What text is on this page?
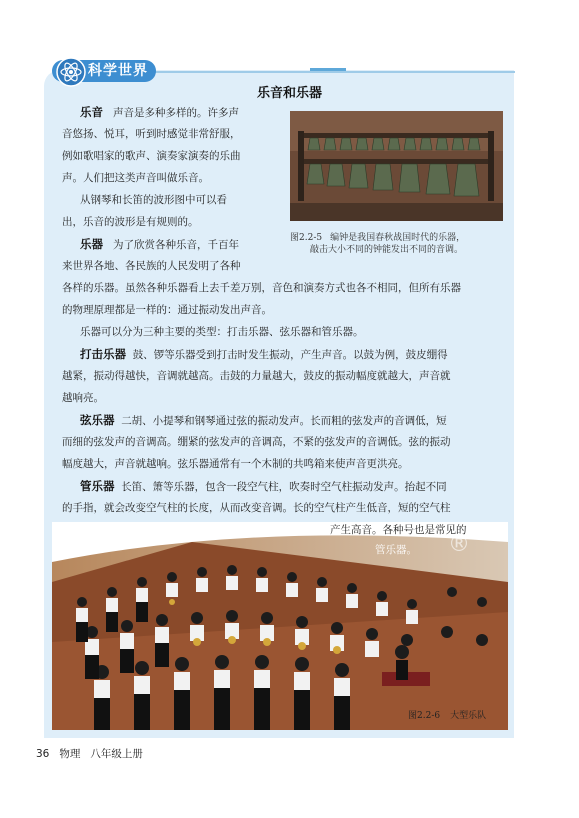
科学世界
乐音和乐器
图2.2-5 编钟是我国春秋战国时代的乐器，
敲击大小不同的钟能发出不同的音调。
乐音 声音是多种多样的。许多声
音悠扬、悦耳，听到时感觉非常舒服，
例如歌唱家的歌声、演奏家演奏的乐曲
声。人们把这类声音叫做乐音。
从钢琴和长笛的波形图中可以看
出，乐音的波形是有规则的。
乐器 为了欣赏各种乐音，千百年
来世界各地、各民族的人民发明了各种
各样的乐器。虽然各种乐器看上去千差万别，音色和演奏方式也各不相同，但所有乐器
的物理原理都是一样的：通过振动发出声音。
乐器可以分为三种主要的类型：打击乐器、弦乐器和管乐器。
打击乐器 鼓、锣等乐器受到打击时发生振动，产生声音。以鼓为例，鼓皮绷得
越紧，振动得越快，音调就越高。击鼓的力量越大，鼓皮的振动幅度就越大，声音就
越响亮。
弦乐器 二胡、小提琴和钢琴通过弦的振动发声。长而粗的弦发声的音调低，短
而细的弦发声的音调高。绷紧的弦发声的音调高，不紧的弦发声的音调低。弦的振动
幅度越大，声音就越响。弦乐器通常有一个木制的共鸣箱来使声音更洪亮。
管乐器 长笛、箫等乐器，包含一段空气柱，吹奏时空气柱振动发声。抬起不同
的手指，就会改变空气柱的长度，从而改变音调。长的空气柱产生低音，短的空气柱
产生高音。各种号也是常见的
管乐器。 ®
图2.2-6 大型乐队
36 物理 八年级上册
